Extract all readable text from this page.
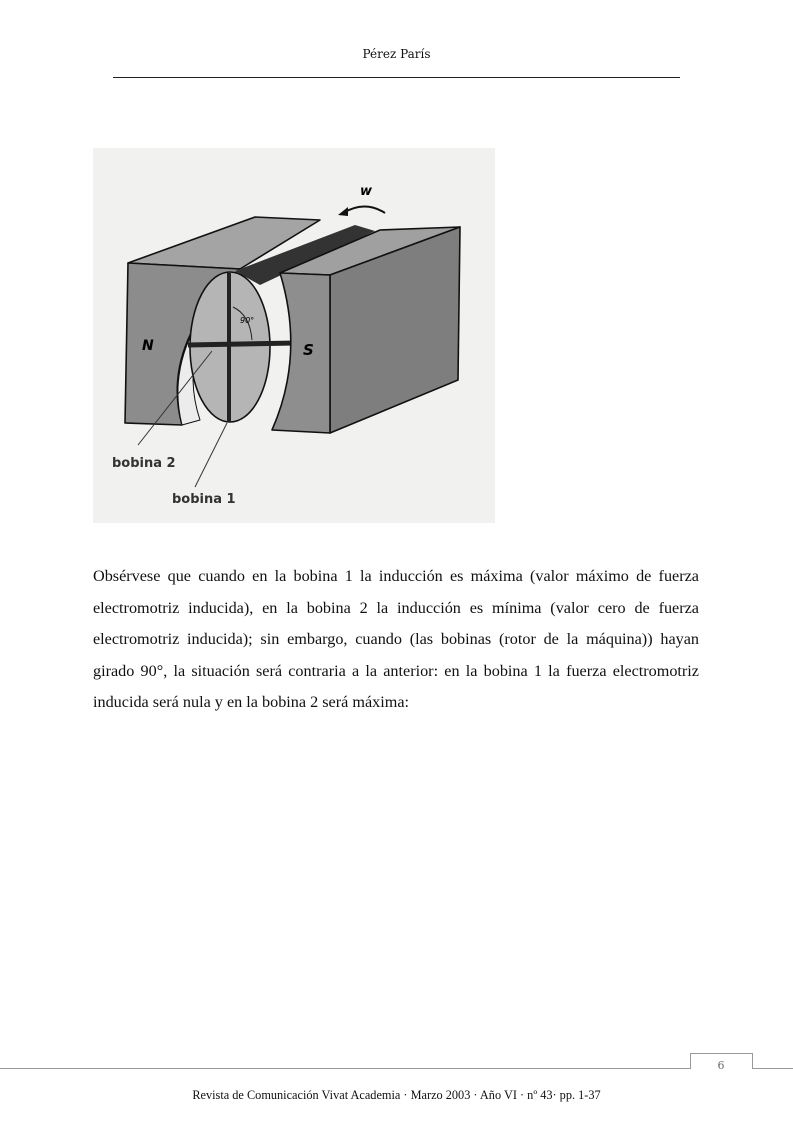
Pérez París
w
90°
N	S
bobina 2
bobina 1

Obsérvese que cuando en la bobina 1 la inducción es máxima (valor máximo de fuerza electromotriz inducida), en la bobina 2 la inducción es mínima (valor cero de fuerza electromotriz inducida); sin embargo, cuando (las bobinas (rotor de la máquina)) hayan girado 90°, la situación será contraria a la anterior: en la bobina 1 la fuerza electromotriz inducida será nula y en la bobina 2 será máxima:

6
Revista de Comunicación Vivat Academia · Marzo 2003 · Año VI · nº 43· pp. 1-37
